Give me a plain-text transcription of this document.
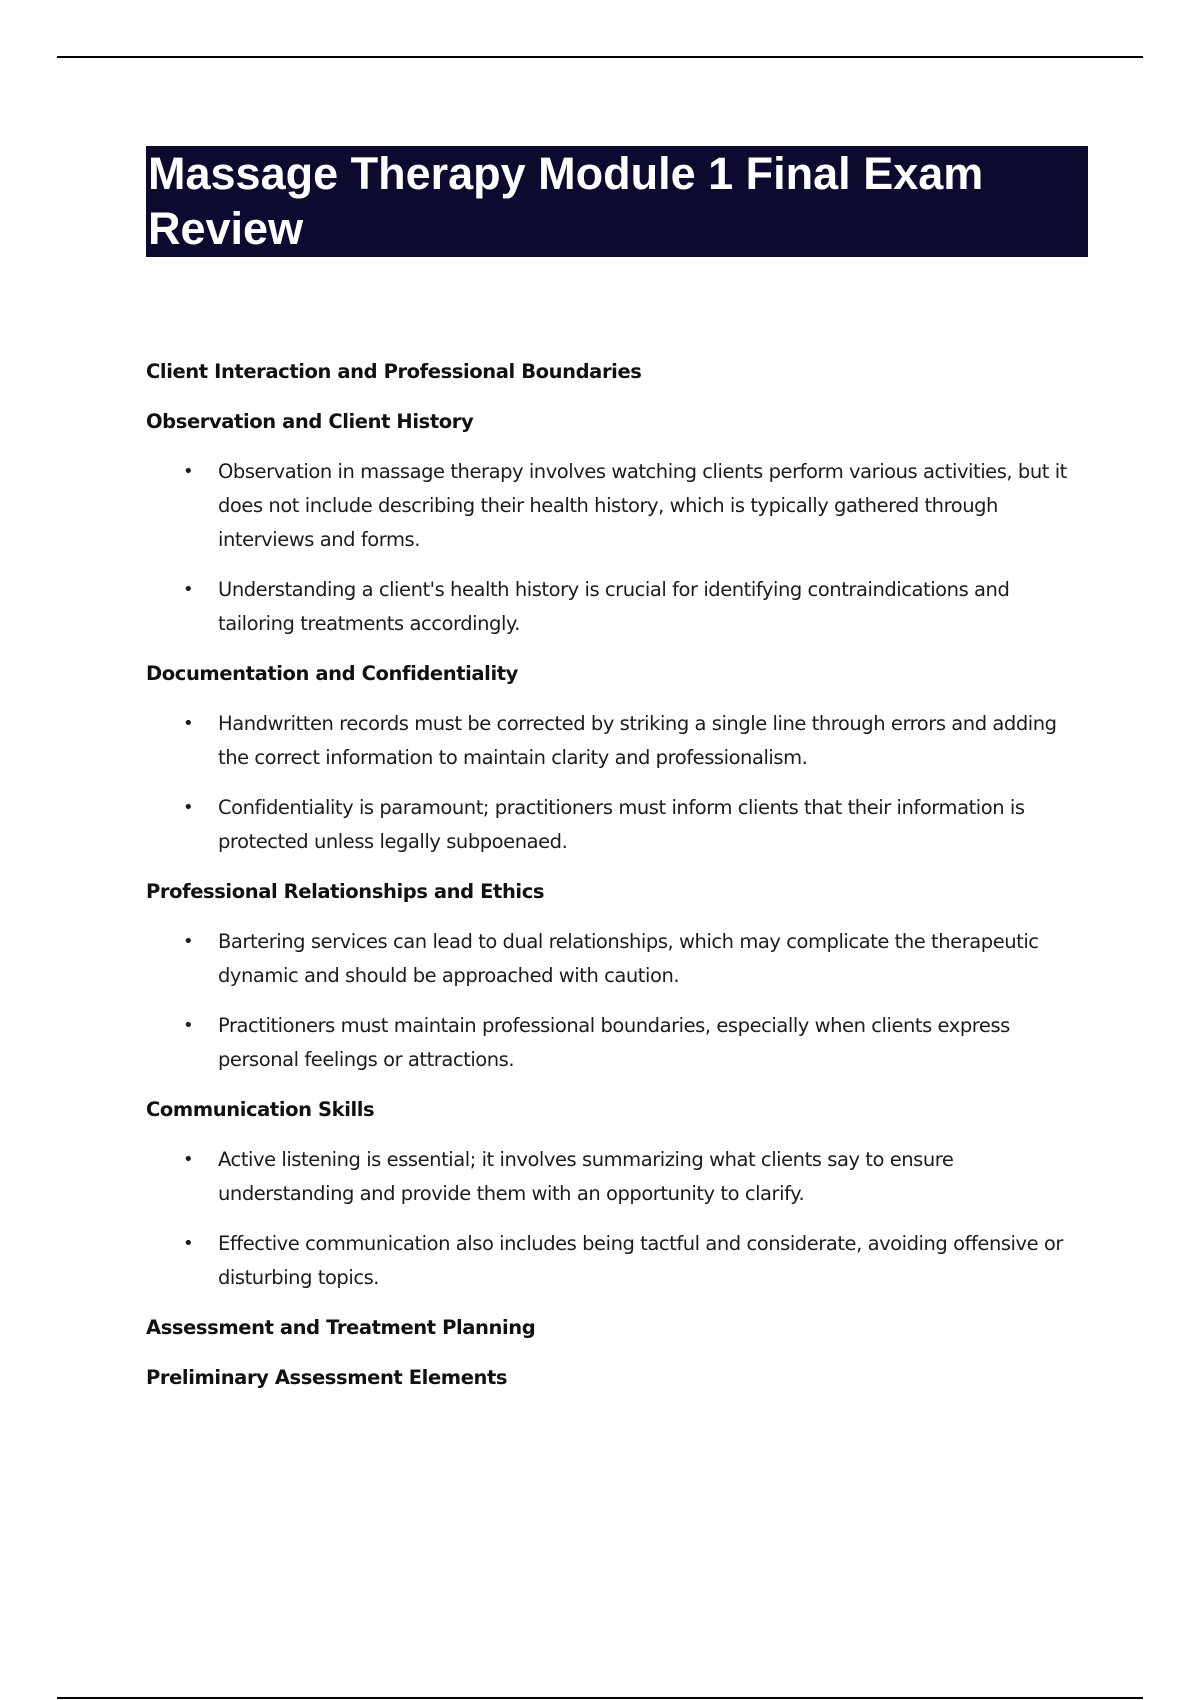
Massage Therapy Module 1 Final Exam Review
Client Interaction and Professional Boundaries
Observation and Client History
• Observation in massage therapy involves watching clients perform various activities, but it does not include describing their health history, which is typically gathered through interviews and forms.
• Understanding a client's health history is crucial for identifying contraindications and tailoring treatments accordingly.
Documentation and Confidentiality
• Handwritten records must be corrected by striking a single line through errors and adding the correct information to maintain clarity and professionalism.
• Confidentiality is paramount; practitioners must inform clients that their information is protected unless legally subpoenaed.
Professional Relationships and Ethics
• Bartering services can lead to dual relationships, which may complicate the therapeutic dynamic and should be approached with caution.
• Practitioners must maintain professional boundaries, especially when clients express personal feelings or attractions.
Communication Skills
• Active listening is essential; it involves summarizing what clients say to ensure understanding and provide them with an opportunity to clarify.
• Effective communication also includes being tactful and considerate, avoiding offensive or disturbing topics.
Assessment and Treatment Planning
Preliminary Assessment Elements
